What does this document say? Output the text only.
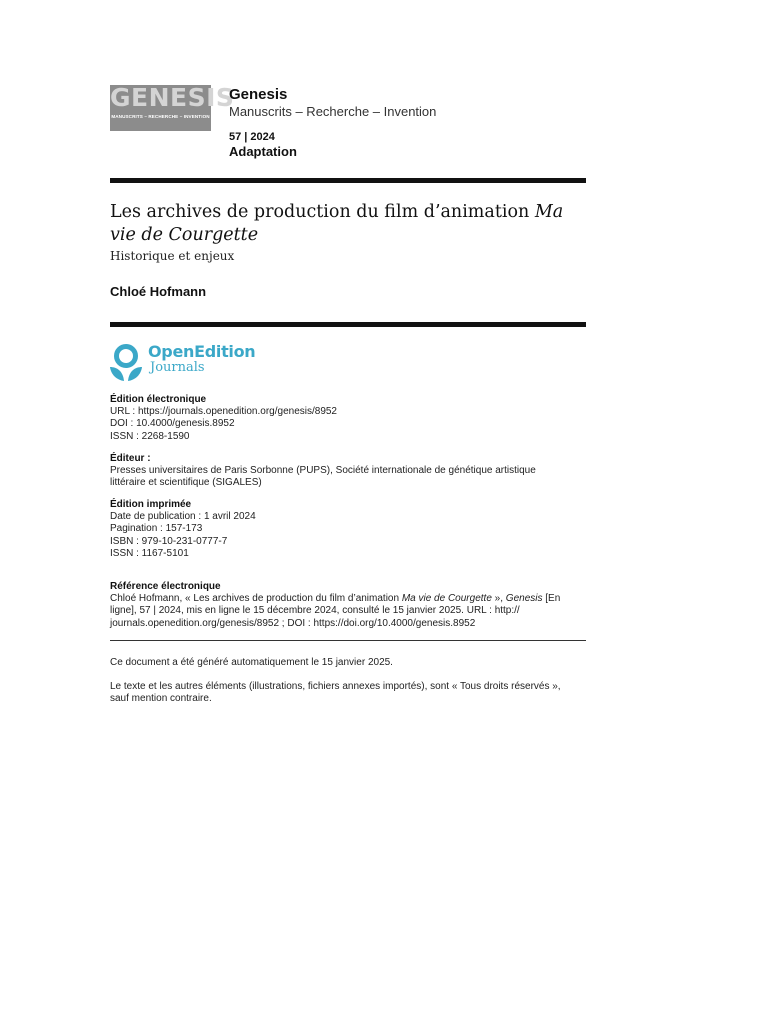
GENESIS
MANUSCRITS – RECHERCHE – INVENTION
Genesis
Manuscrits – Recherche – Invention
57 | 2024
Adaptation
Les archives de production du film d’animation Ma
vie de Courgette
Historique et enjeux
Chloé Hofmann
OpenEdition
Journals
Édition électronique
URL : https://journals.openedition.org/genesis/8952
DOI : 10.4000/genesis.8952
ISSN : 2268-1590
Éditeur :
Presses universitaires de Paris Sorbonne (PUPS), Société internationale de génétique artistique
littéraire et scientifique (SIGALES)
Édition imprimée
Date de publication : 1 avril 2024
Pagination : 157-173
ISBN : 979-10-231-0777-7
ISSN : 1167-5101
Référence électronique
Chloé Hofmann, « Les archives de production du film d’animation Ma vie de Courgette », Genesis [En
ligne], 57 | 2024, mis en ligne le 15 décembre 2024, consulté le 15 janvier 2025. URL : http://
journals.openedition.org/genesis/8952 ; DOI : https://doi.org/10.4000/genesis.8952
Ce document a été généré automatiquement le 15 janvier 2025.
Le texte et les autres éléments (illustrations, fichiers annexes importés), sont « Tous droits réservés »,
sauf mention contraire.
